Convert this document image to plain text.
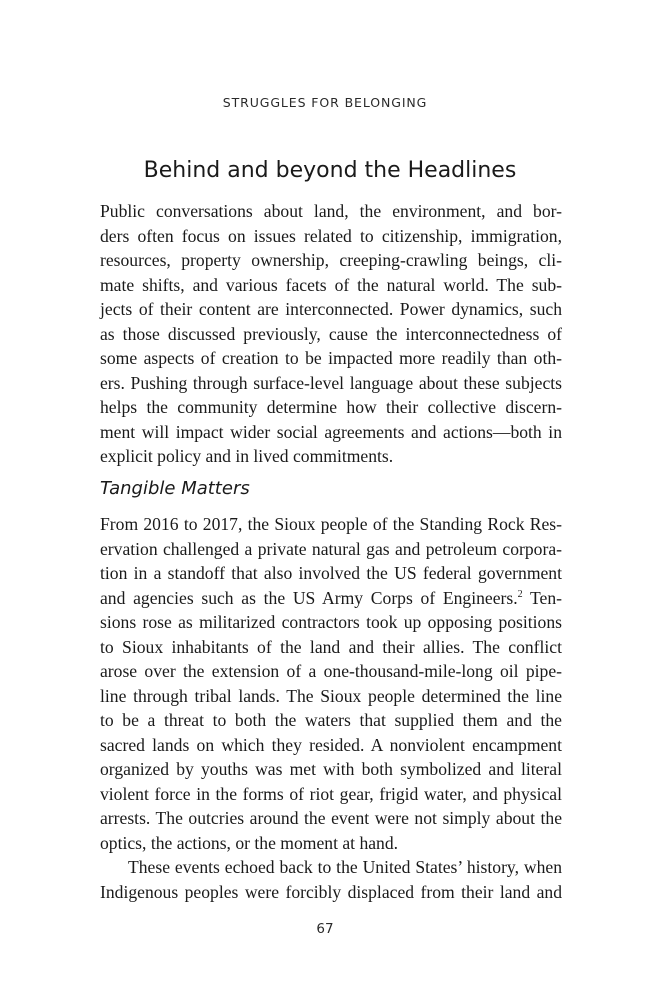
STRUGGLES FOR BELONGING
Behind and beyond the Headlines
Public conversations about land, the environment, and bor-
ders often focus on issues related to citizenship, immigration,
resources, property ownership, creeping-crawling beings, cli-
mate shifts, and various facets of the natural world. The sub-
jects of their content are interconnected. Power dynamics, such
as those discussed previously, cause the interconnectedness of
some aspects of creation to be impacted more readily than oth-
ers. Pushing through surface-level language about these subjects
helps the community determine how their collective discern-
ment will impact wider social agreements and actions—both in
explicit policy and in lived commitments.
Tangible Matters
From 2016 to 2017, the Sioux people of the Standing Rock Res-
ervation challenged a private natural gas and petroleum corpora-
tion in a standoff that also involved the US federal government
and agencies such as the US Army Corps of Engineers.$^2$ Ten-
sions rose as militarized contractors took up opposing positions
to Sioux inhabitants of the land and their allies. The conflict
arose over the extension of a one-thousand-mile-long oil pipe-
line through tribal lands. The Sioux people determined the line
to be a threat to both the waters that supplied them and the
sacred lands on which they resided. A nonviolent encampment
organized by youths was met with both symbolized and literal
violent force in the forms of riot gear, frigid water, and physical
arrests. The outcries around the event were not simply about the
optics, the actions, or the moment at hand.
These events echoed back to the United States’ history, when
Indigenous peoples were forcibly displaced from their land and
67
